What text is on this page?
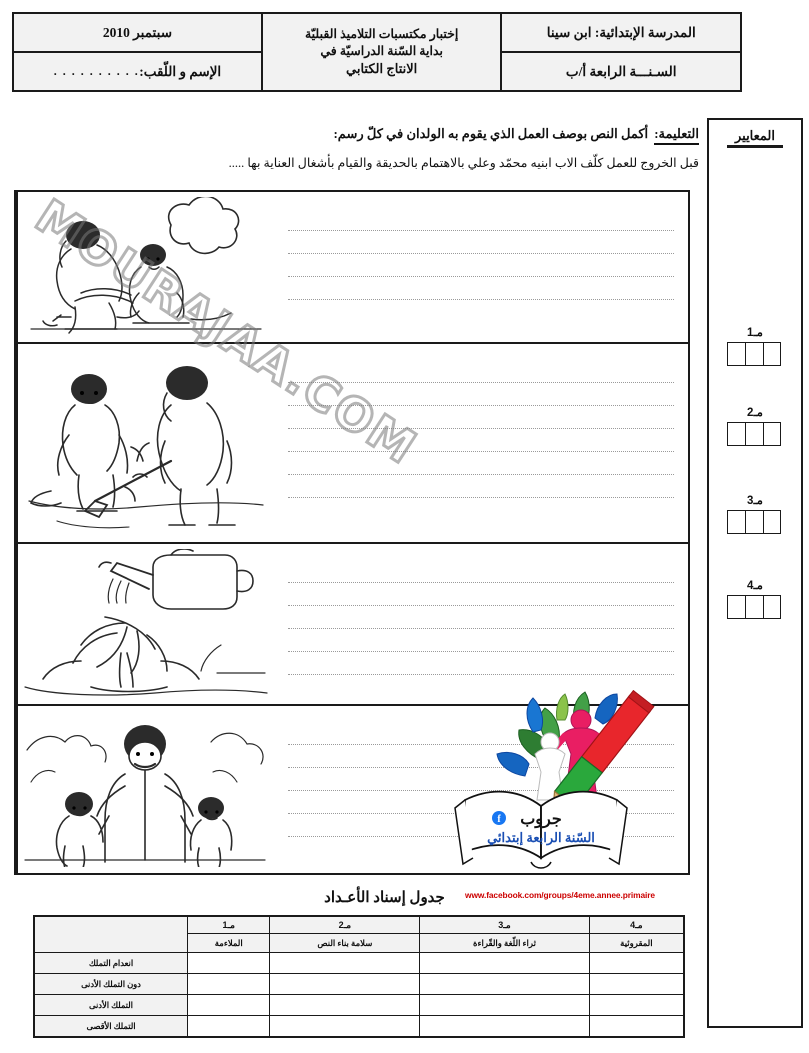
المدرسة الإبتدائية: ابن سينا
السـنـــة الرابعة أ/ب
إختبار مكتسبات التلاميذ القبليّة
بداية السّنة الدراسيّة في
الانتاج الكتابي
سبتمبر 2010
الإسم و اللّقب:
. . . . . . . . . .
التعليمة:
أكمل النص بوصف العمل الذي يقوم به الولدان في كلّ رسم:
قبل الخروج للعمل كلّف الاب ابنيه محمّد وعلي بالاهتمام بالحديقة والقيام بأشغال العناية بها .....
المعايير
مـ1
مـ2
مـ3
مـ4
f جروب
السّنة الرابعة إبتدائي
www.facebook.com/groups/4eme.annee.primaire
جدول إسناد الأعـداد
مـ4	مـ3	مـ2	مـ1	
المقروئية	ثراء اللّغة والقّراءة	سلامة بناء النص	الملاءمة	
				انعدام التملك
				دون التملك الأدنى
				التملك الأدنى
				التملك الأقصى
